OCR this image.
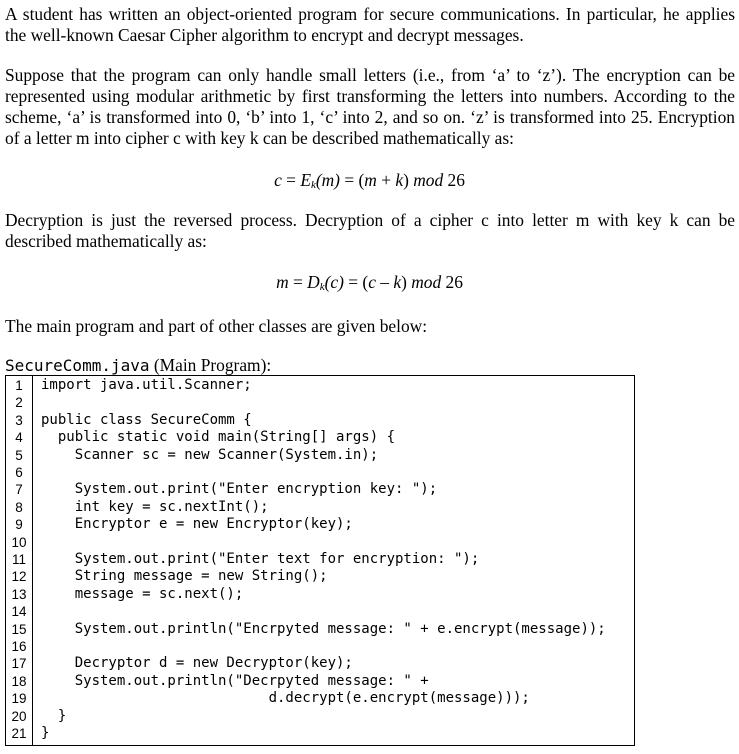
A student has written an object-oriented program for secure communications. In particular, he applies
the well-known Caesar Cipher algorithm to encrypt and decrypt messages.
Suppose that the program can only handle small letters (i.e., from ‘a’ to ‘z’). The encryption can be
represented using modular arithmetic by first transforming the letters into numbers. According to the
scheme, ‘a’ is transformed into 0, ‘b’ into 1, ‘c’ into 2, and so on. ‘z’ is transformed into 25. Encryption
of a letter m into cipher c with key k can be described mathematically as:
c = Ek(m) = (m + k) mod 26
Decryption is just the reversed process. Decryption of a cipher c into letter m with key k can be
described mathematically as:
m = Dk(c) = (c – k) mod 26
The main program and part of other classes are given below:
SecureComm.java (Main Program):
1	import java.util.Scanner;
2
3	public class SecureComm {
4	public static void main(String[] args) {
5	Scanner sc = new Scanner(System.in);
6
7	System.out.print("Enter encryption key: ");
8	int key = sc.nextInt();
9	Encryptor e = new Encryptor(key);
10
11	System.out.print("Enter text for encryption: ");
12	String message = new String();
13	message = sc.next();
14
15	System.out.println("Encrpyted message: " + e.encrypt(message));
16
17	Decryptor d = new Decryptor(key);
18	System.out.println("Decrpyted message: " +
19	d.decrypt(e.encrypt(message)));
20	}
21	}
